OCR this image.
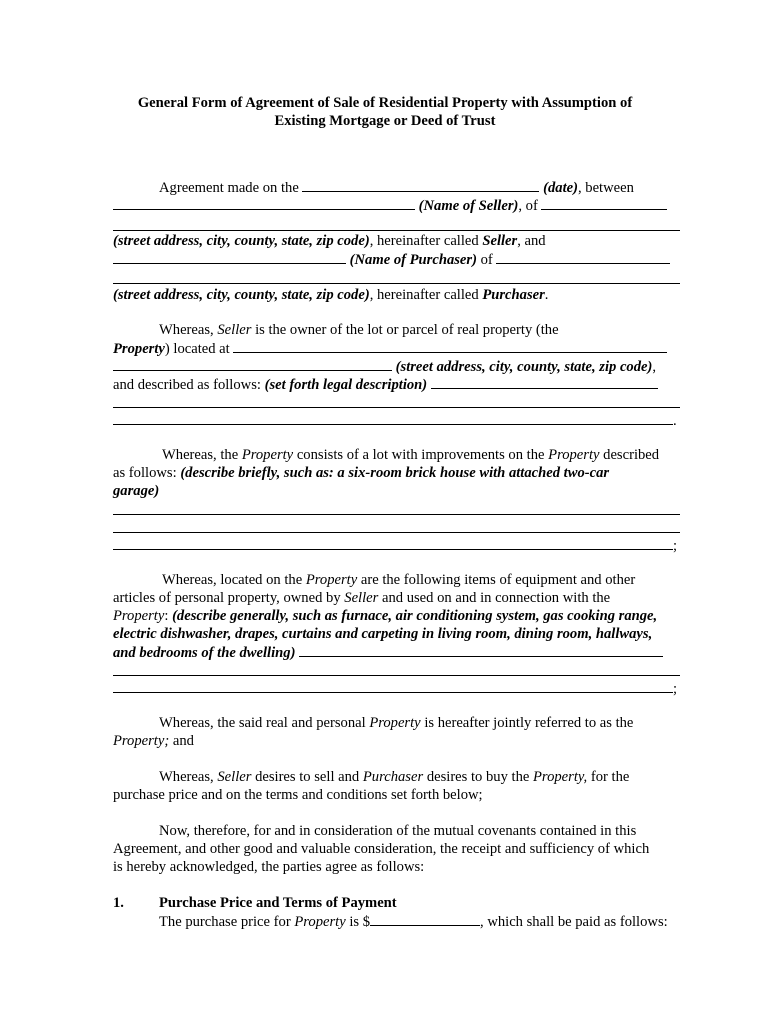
General Form of Agreement of Sale of Residential Property with Assumption of
Existing Mortgage or Deed of Trust
Agreement made on the	(date), between
(Name of Seller), of
(street address, city, county, state, zip code), hereinafter called Seller, and
(Name of Purchaser) of
(street address, city, county, state, zip code), hereinafter called Purchaser.
Whereas, Seller is the owner of the lot or parcel of real property (the
Property) located at
(street address, city, county, state, zip code),
and described as follows: (set forth legal description)
.
Whereas, the Property consists of a lot with improvements on the Property described
as follows: (describe briefly, such as: a six-room brick house with attached two-car
garage)
;
Whereas, located on the Property are the following items of equipment and other
articles of personal property, owned by Seller and used on and in connection with the
Property: (describe generally, such as furnace, air conditioning system, gas cooking range,
electric dishwasher, drapes, curtains and carpeting in living room, dining room, hallways,
and bedrooms of the dwelling)
;
Whereas, the said real and personal Property is hereafter jointly referred to as the
Property; and
Whereas, Seller desires to sell and Purchaser desires to buy the Property, for the
purchase price and on the terms and conditions set forth below;
Now, therefore, for and in consideration of the mutual covenants contained in this
Agreement, and other good and valuable consideration, the receipt and sufficiency of which
is hereby acknowledged, the parties agree as follows:
1. Purchase Price and Terms of Payment
The purchase price for Property is $	, which shall be paid as follows:
